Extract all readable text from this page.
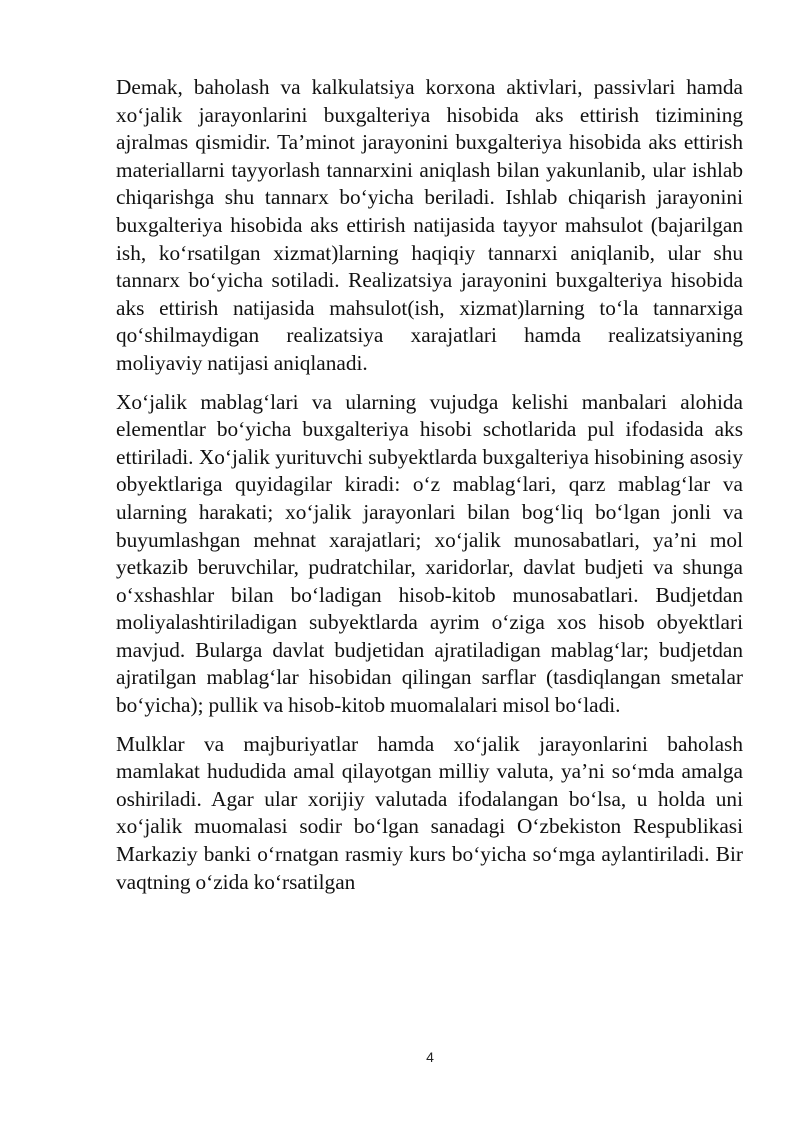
Demak, baholash va kalkulatsiya korxona aktivlari, passivlari hamda xo‘jalik jarayonlarini buxgalteriya hisobida aks ettirish tizimining ajralmas qismidir. Ta’minot jarayonini buxgalteriya hisobida aks ettirish materiallarni tayyorlash tannarxini aniqlash bilan yakunlanib, ular ishlab chiqarishga shu tannarx bo‘yicha beriladi. Ishlab chiqarish jarayonini buxgalteriya hisobida aks ettirish natijasida tayyor mahsulot (bajarilgan ish, ko‘rsatilgan xizmat)larning haqiqiy tannarxi aniqlanib, ular shu tannarx bo‘yicha sotiladi. Realizatsiya jarayonini buxgalteriya hisobida aks ettirish natijasida mahsulot(ish, xizmat)larning to‘la tannarxiga qo‘shilmaydigan realizatsiya xarajatlari hamda realizatsiyaning moliyaviy natijasi aniqlanadi.

Xo‘jalik mablag‘lari va ularning vujudga kelishi manbalari alohida elementlar bo‘yicha buxgalteriya hisobi schotlarida pul ifodasida aks ettiriladi. Xo‘jalik yurituvchi subyektlarda buxgalteriya hisobining asosiy obyektlariga quyidagilar kiradi: o‘z mablag‘lari, qarz mablag‘lar va ularning harakati; xo‘jalik jarayonlari bilan bog‘liq bo‘lgan jonli va buyumlashgan mehnat xarajatlari; xo‘jalik munosabatlari, ya’ni mol yetkazib beruvchilar, pudratchilar, xaridorlar, davlat budjeti va shunga o‘xshashlar bilan bo‘ladigan hisob-kitob munosabatlari. Budjetdan moliyalashtiriladigan subyektlarda ayrim o‘ziga xos hisob obyektlari mavjud. Bularga davlat budjetidan ajratiladigan mablag‘lar; budjetdan ajratilgan mablag‘lar hisobidan qilingan sarflar (tasdiqlangan smetalar bo‘yicha); pullik va hisob-kitob muomalalari misol bo‘ladi.

Mulklar va majburiyatlar hamda xo‘jalik jarayonlarini baholash mamlakat hududida amal qilayotgan milliy valuta, ya’ni so‘mda amalga oshiriladi. Agar ular xorijiy valutada ifodalangan bo‘lsa, u holda uni xo‘jalik muomalasi sodir bo‘lgan sanadagi O‘zbekiston Respublikasi Markaziy banki o‘rnatgan rasmiy kurs bo‘yicha so‘mga aylantiriladi. Bir vaqtning o‘zida ko‘rsatilgan

4
